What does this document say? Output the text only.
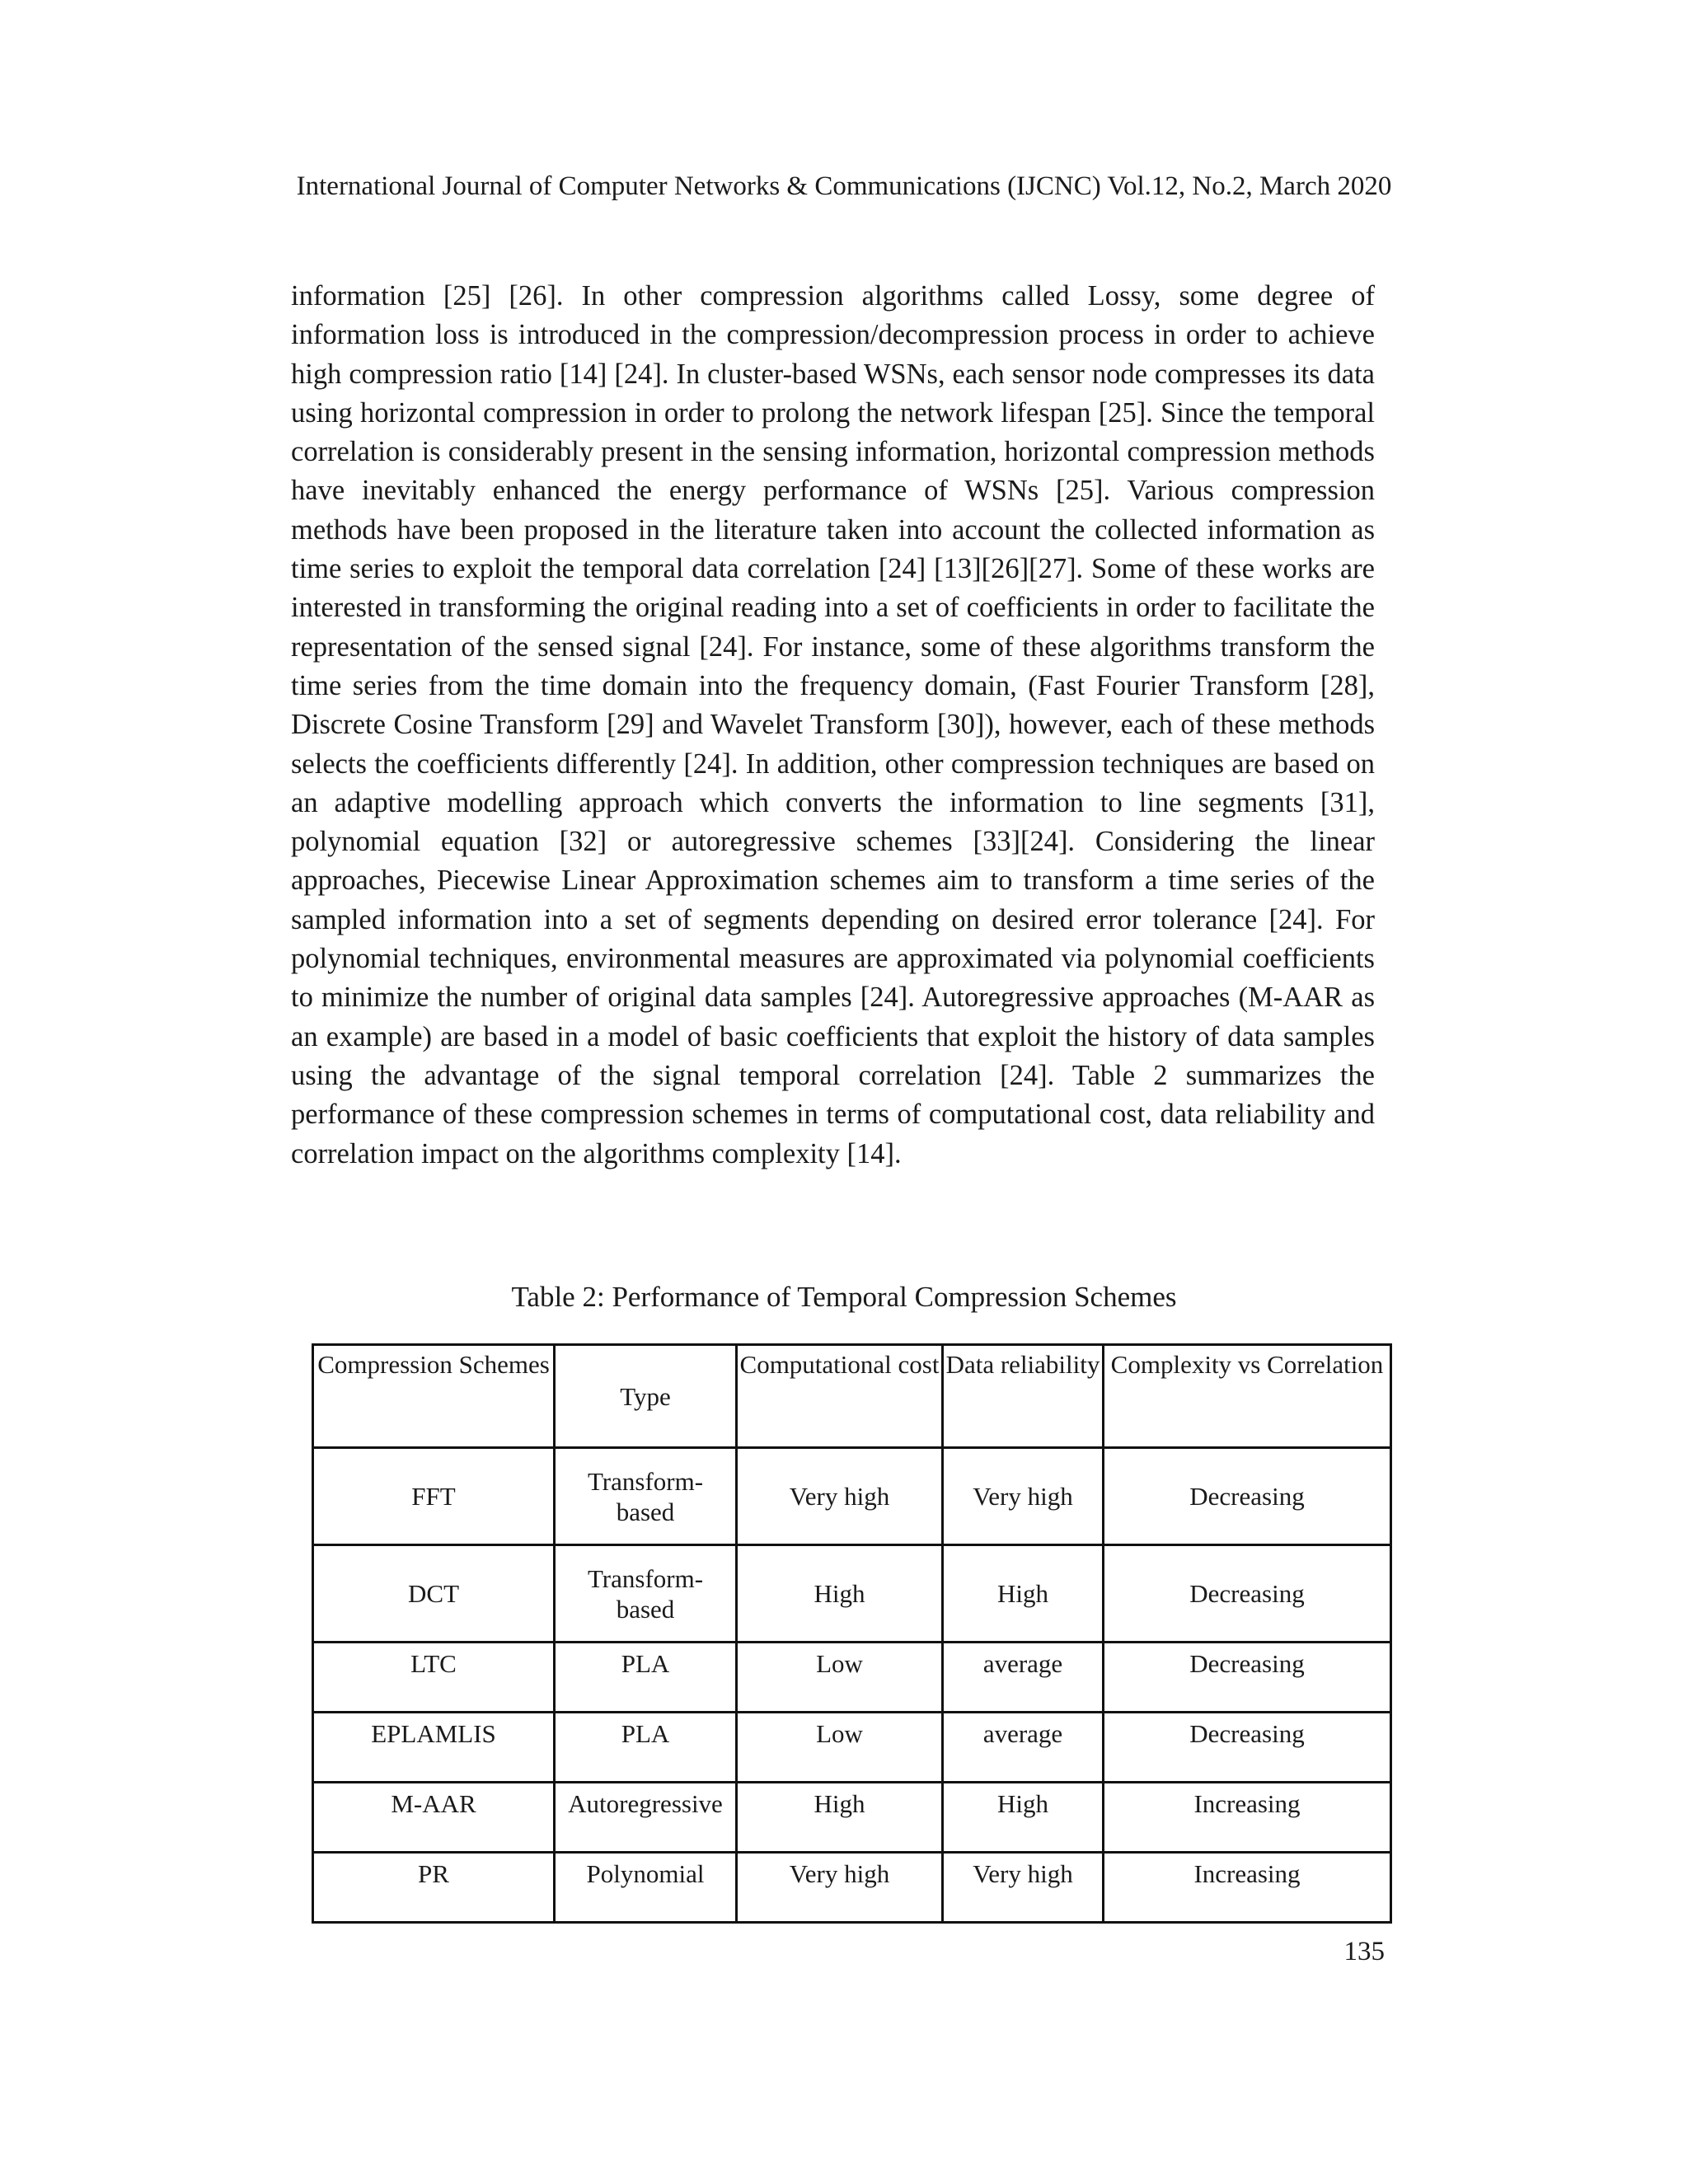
International Journal of Computer Networks & Communications (IJCNC) Vol.12, No.2, March 2020

information [25] [26]. In other compression algorithms called Lossy, some degree of information loss is introduced in the compression/decompression process in order to achieve high compression ratio [14] [24]. In cluster-based WSNs, each sensor node compresses its data using horizontal compression in order to prolong the network lifespan [25]. Since the temporal correlation is considerably present in the sensing information, horizontal compression methods have inevitably enhanced the energy performance of WSNs [25]. Various compression methods have been proposed in the literature taken into account the collected information as time series to exploit the temporal data correlation [24] [13][26][27]. Some of these works are interested in transforming the original reading into a set of coefficients in order to facilitate the representation of the sensed signal [24]. For instance, some of these algorithms transform the time series from the time domain into the frequency domain, (Fast Fourier Transform [28], Discrete Cosine Transform [29] and Wavelet Transform [30]), however, each of these methods selects the coefficients differently [24]. In addition, other compression techniques are based on an adaptive modelling approach which converts the information to line segments [31], polynomial equation [32] or autoregressive schemes [33][24]. Considering the linear approaches, Piecewise Linear Approximation schemes aim to transform a time series of the sampled information into a set of segments depending on desired error tolerance [24]. For polynomial techniques, environmental measures are approximated via polynomial coefficients to minimize the number of original data samples [24]. Autoregressive approaches (M-AAR as an example) are based in a model of basic coefficients that exploit the history of data samples using the advantage of the signal temporal correlation [24]. Table 2 summarizes the performance of these compression schemes in terms of computational cost, data reliability and correlation impact on the algorithms complexity [14].

Table 2: Performance of Temporal Compression Schemes
Compression Schemes	Type	Computational cost	Data reliability	Complexity vs Correlation
FFT	Transform-based	Very high	Very high	Decreasing
DCT	Transform-based	High	High	Decreasing
LTC	PLA	Low	average	Decreasing
EPLAMLIS	PLA	Low	average	Decreasing
M-AAR	Autoregressive	High	High	Increasing
PR	Polynomial	Very high	Very high	Increasing
135
